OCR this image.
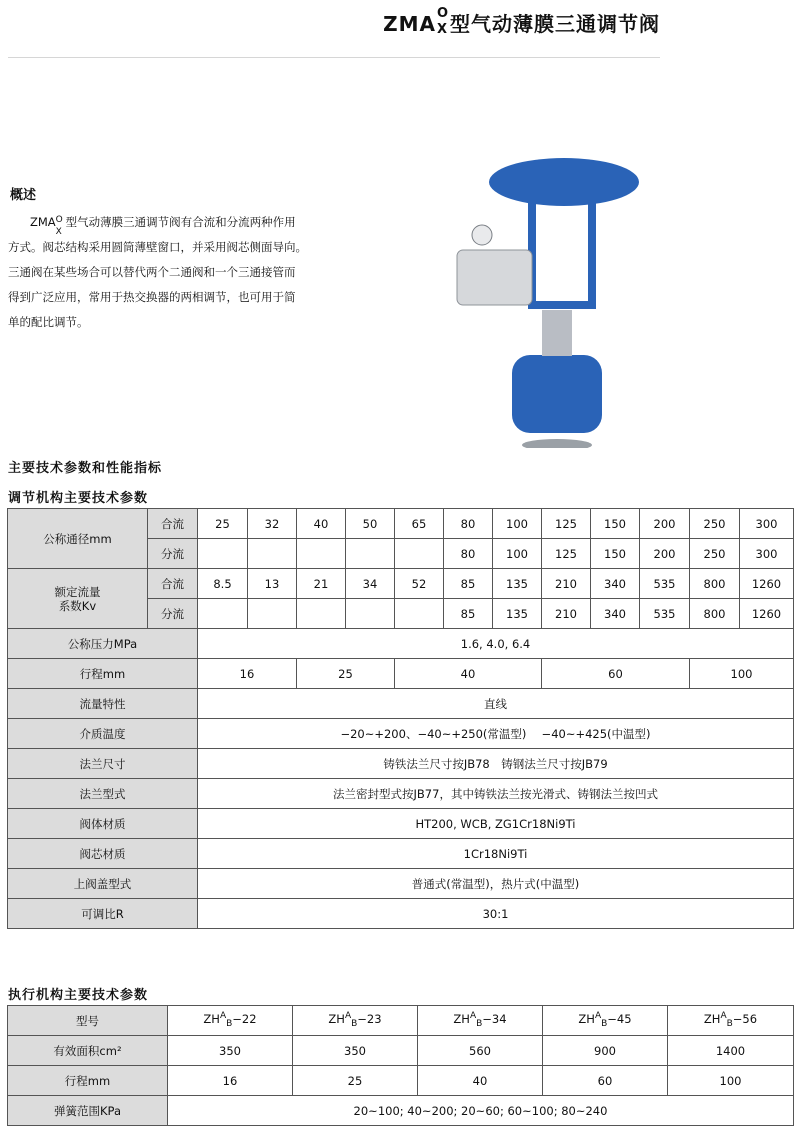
ZMA O
X 型气动薄膜三通调节阀
概述
ZMA O
X
型气动薄膜三通调节阀有合流和分流两种作用
方式。阀芯结构采用圆筒薄壁窗口，并采用阀芯侧面导向。
三通阀在某些场合可以替代两个二通阀和一个三通接管而
得到广泛应用，常用于热交换器的两相调节，也可用于简
单的配比调节。
主要技术参数和性能指标
调节机构主要技术参数
公称通径mm	合流	25	32	40	50	65	80	100	125	150	200	250	300
	分流						80	100	125	150	200	250	300

额定流量
系数Kv	合流	8.5	13	21	34	52	85	135	210	340	535	800	1260
	分流						85	135	210	340	535	800	1260
公称压力MPa		1.6, 4.0, 6.4											
行程mm		16		25		40			60			100	
流量特性		直线											
介质温度		−20~+200、−40~+250(常温型)　 −40~+425(中温型)											
法兰尺寸		铸铁法兰尺寸按JB78　铸钢法兰尺寸按JB79											
法兰型式		法兰密封型式按JB77，其中铸铁法兰按光滑式、铸钢法兰按凹式											
阀体材质		HT200, WCB, ZG1Cr18Ni9Ti											
阀芯材质		1Cr18Ni9Ti											
上阀盖型式		普通式(常温型)，热片式(中温型)											
可调比R		30:1											
执行机构主要技术参数
型号	$ZH^A_B-22$	$ZH^A_B-23$	$ZH^A_B-34$	$ZH^A_B-45$	$ZH^A_B-56$
有效面积cm²	350	350	560	900	1400
行程mm	16	25	40	60	100
弹簧范围KPa	20~100; 40~200; 20~60; 60~100; 80~240				
